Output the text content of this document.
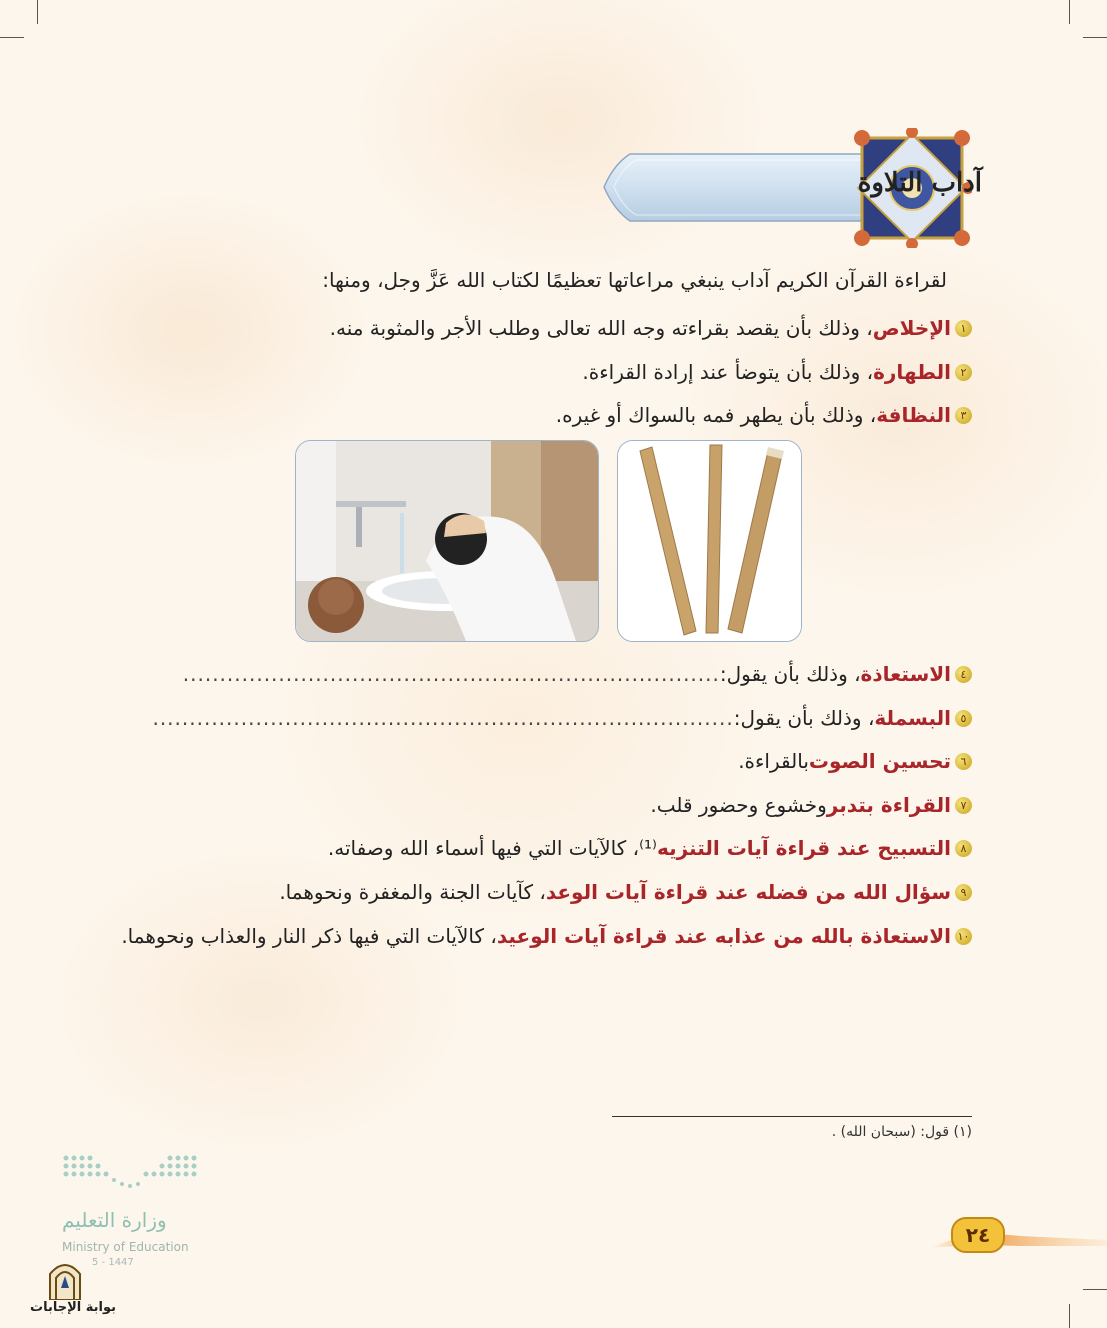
آداب التلاوة
لقراءة القرآن الكريم آداب ينبغي مراعاتها تعظيمًا لكتاب الله عَزَّ وجل، ومنها:
١
الإخلاص
، وذلك بأن يقصد بقراءته وجه الله تعالى وطلب الأجر والمثوبة منه.
٢
الطهارة
، وذلك بأن يتوضأ عند إرادة القراءة.
٣
النظافة
، وذلك بأن يطهر فمه بالسواك أو غيره.
٤
الاستعاذة
، وذلك بأن يقول:
.........................................................................
٥
البسملة
، وذلك بأن يقول:
...............................................................................
٦
تحسين الصوت
بالقراءة.
٧
القراءة بتدبر
وخشوع وحضور قلب.
٨
التسبيح عند قراءة آيات التنزيه
⁽¹⁾، كالآيات التي فيها أسماء الله وصفاته.
٩
سؤال الله من فضله عند قراءة آيات الوعد
، كآيات الجنة والمغفرة ونحوهما.
١٠
الاستعاذة بالله من عذابه عند قراءة آيات الوعيد
، كالآيات التي فيها ذكر النار والعذاب ونحوهما.
(١) قول: (سبحان الله) .
وزارة التعليم
Ministry of Education
5 - 1447
٢٤
بوابة الإجابات
